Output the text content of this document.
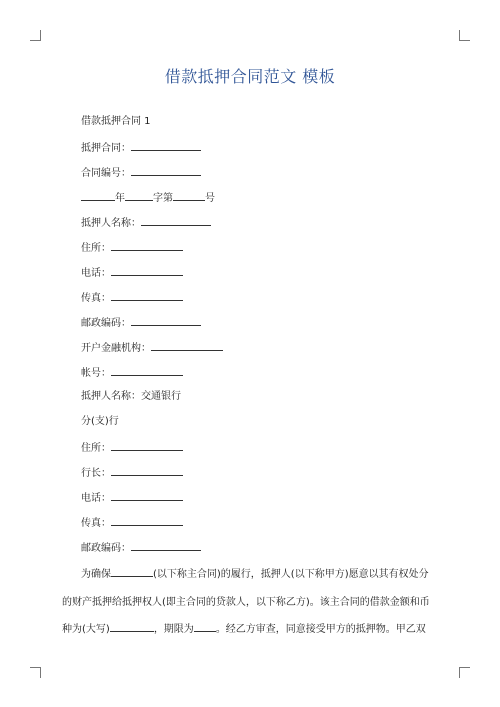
借款抵押合同范文 模板
借款抵押合同 1
抵押合同：
合同编号：
年	字第	号
抵押人名称：
住所：
电话：
传真：
邮政编码：
开户金融机构：
帐号：
抵押人名称：交通银行
分(支)行
住所：
行长：
电话：
传真：
邮政编码：
为确保	(以下称主合同)的履行，抵押人(以下称甲方)愿意以其有权处分
的财产抵押给抵押权人(即主合同的贷款人，以下称乙方)。该主合同的借款金额和币
种为(大写)	，期限为 。经乙方审查，同意接受甲方的抵押物。甲乙双
